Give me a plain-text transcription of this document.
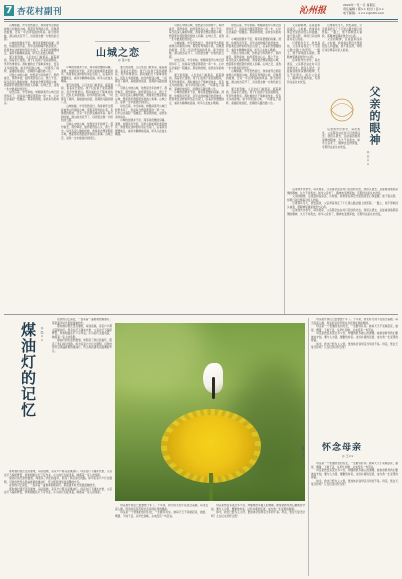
7 杏花村副刊	沁州报
2024年一月一日 星期五
责任编辑 / 郭×× 校对 / 张××
电子邮箱：××××@163.com
山城之恋
◎ 苗×农

山城如画，岁月悠然而过，我常常怀念那座被青山环抱的小城。那里有弯弯的小巷，有熟悉的街道，还有一年四季变换的风景。春天的时候，满山的杏花开了，远远望去像一片粉色的云霞。

小城的街道并不宽，两旁是低矮的房屋。清晨，炊烟袅袅升起，卖早点的吆喝声此起彼伏。我喜欢在这样的时刻走出家门，沿着河边慢慢地走，看河水静静地流淌，听鸟儿在枝头歌唱。

夏天的夜晚，人们坐在门前乘凉，摇着蒲扇，说着家长里短。孩子们在巷子里追逐嬉戏，笑声传得很远。那时候的日子简单而快乐，没有太多的烦恼。如今再回到山城，一切都变了模样，高楼拔地而起，宽阔的马路四通八达。

可我心中的山城，依然是当年的样子。那份眷恋，那份牵挂，始终萦绕在心头，挥之不去。每当夜深人静的时候，我常常会想起那座小城，想起那些曾经陪伴我的人和事。山城之恋，是我一生中最美好的回忆。

时光荏苒，岁月如梭。转眼间离开山城已经很多年了，但是每当想起那里的一草一木，心中总会涌起一股暖流。那是我的根，是我永远的故乡。

小城的街道并不宽，两旁是低矮的房屋。清晨，炊烟袅袅升起，卖早点的吆喝声此起彼伏。我喜欢在这样的时刻走出家门，沿着河边慢慢地走，看河水静静地流淌，听鸟儿在枝头歌唱。

夏天的夜晚，人们坐在门前乘凉，摇着蒲扇，说着家长里短。孩子们在巷子里追逐嬉戏，笑声传得很远。那时候的日子简单而快乐，没有太多的烦恼。如今再回到山城，一切都变了模样，高楼拔地而起，宽阔的马路四通八达。

山城如画，岁月悠然而过，我常常怀念那座被青山环抱的小城。那里有弯弯的小巷，有熟悉的街道，还有一年四季变换的风景。春天的时候，满山的杏花开了，远远望去像一片粉色的云霞。

可我心中的山城，依然是当年的样子。那份眷恋，那份牵挂，始终萦绕在心头，挥之不去。每当夜深人静的时候，我常常会想起那座小城，想起那些曾经陪伴我的人和事。山城之恋，是我一生中最美好的回忆。

夏天的夜晚，人们坐在门前乘凉，摇着蒲扇，说着家长里短。孩子们在巷子里追逐嬉戏，笑声传得很远。那时候的日子简单而快乐，没有太多的烦恼。如今再回到山城，一切都变了模样，高楼拔地而起，宽阔的马路四通八达。

可我心中的山城，依然是当年的样子。那份眷恋，那份牵挂，始终萦绕在心头，挥之不去。每当夜深人静的时候，我常常会想起那座小城，想起那些曾经陪伴我的人和事。山城之恋，是我一生中最美好的回忆。

时光荏苒，岁月如梭。转眼间离开山城已经很多年了，但是每当想起那里的一草一木，心中总会涌起一股暖流。那是我的根，是我永远的故乡。

小城的街道并不宽，两旁是低矮的房屋。清晨，炊烟袅袅升起，卖早点的吆喝声此起彼伏。我喜欢在这样的时刻走出家门，沿着河边慢慢地走，看河水静静地流淌，听鸟儿在枝头歌唱。

可我心中的山城，依然是当年的样子。那份眷恋，那份牵挂，始终萦绕在心头，挥之不去。每当夜深人静的时候，我常常会想起那座小城，想起那些曾经陪伴我的人和事。山城之恋，是我一生中最美好的回忆。

山城如画，岁月悠然而过，我常常怀念那座被青山环抱的小城。那里有弯弯的小巷，有熟悉的街道，还有一年四季变换的风景。春天的时候，满山的杏花开了，远远望去像一片粉色的云霞。

时光荏苒，岁月如梭。转眼间离开山城已经很多年了，但是每当想起那里的一草一木，心中总会涌起一股暖流。那是我的根，是我永远的故乡。

夏天的夜晚，人们坐在门前乘凉，摇着蒲扇，说着家长里短。孩子们在巷子里追逐嬉戏，笑声传得很远。那时候的日子简单而快乐，没有太多的烦恼。如今再回到山城，一切都变了模样，高楼拔地而起，宽阔的马路四通八达。

小城的街道并不宽，两旁是低矮的房屋。清晨，炊烟袅袅升起，卖早点的吆喝声此起彼伏。我喜欢在这样的时刻走出家门，沿着河边慢慢地走，看河水静静地流淌，听鸟儿在枝头歌唱。

时光荏苒，岁月如梭。转眼间离开山城已经很多年了，但是每当想起那里的一草一木，心中总会涌起一股暖流。那是我的根，是我永远的故乡。

小城的街道并不宽，两旁是低矮的房屋。清晨，炊烟袅袅升起，卖早点的吆喝声此起彼伏。我喜欢在这样的时刻走出家门，沿着河边慢慢地走，看河水静静地流淌，听鸟儿在枝头歌唱。

可我心中的山城，依然是当年的样子。那份眷恋，那份牵挂，始终萦绕在心头，挥之不去。每当夜深人静的时候，我常常会想起那座小城，想起那些曾经陪伴我的人和事。山城之恋，是我一生中最美好的回忆。

山城如画，岁月悠然而过，我常常怀念那座被青山环抱的小城。那里有弯弯的小巷，有熟悉的街道，还有一年四季变换的风景。春天的时候，满山的杏花开了，远远望去像一片粉色的云霞。

夏天的夜晚，人们坐在门前乘凉，摇着蒲扇，说着家长里短。孩子们在巷子里追逐嬉戏，笑声传得很远。那时候的日子简单而快乐，没有太多的烦恼。如今再回到山城，一切都变了模样，高楼拔地而起，宽阔的马路四通八达。

父亲的眼神，总是温和而深沉。小时候，我常常在那目光里感到安心和温暖。他不善言辞，却用行动诠释着对家人的爱。

记得那年冬天，我发高烧，父亲背着我走了十几里山路去镇上的医院。一路上，他不停地回头看我，那眼神里满是焦急与心疼。

后来我外出求学，每次离家，父亲都会站在村口目送我远去。我回头望去，总能看到他那深情的眼神，久久不肯离去。如今父亲老了，眼神也变得浑浊，可那份关爱从未改变。

记得那年冬天，我发高烧，父亲背着我走了十几里山路去镇上的医院。一路上，他不停地回头看我，那眼神里满是焦急与心疼。

父亲的眼神，总是温和而深沉。小时候，我常常在那目光里感到安心和温暖。他不善言辞，却用行动诠释着对家人的爱。

父亲的眼神
◎ 王××

后来我外出求学，每次离家，父亲都会站在村口目送我远去。我回头望去，总能看到他那深情的眼神，久久不肯离去。如今父亲老了，眼神也变得浑浊，可那份关爱从未改变。

后来我外出求学，每次离家，父亲都会站在村口目送我远去。我回头望去，总能看到他那深情的眼神，久久不肯离去。如今父亲老了，眼神也变得浑浊，可那份关爱从未改变。

父亲的眼神，总是温和而深沉。小时候，我常常在那目光里感到安心和温暖。他不善言辞，却用行动诠释着对家人的爱。

记得那年冬天，我发高烧，父亲背着我走了十几里山路去镇上的医院。一路上，他不停地回头看我，那眼神里满是焦急与心疼。

后来我外出求学，每次离家，父亲都会站在村口目送我远去。我回头望去，总能看到他那深情的眼神，久久不肯离去。如今父亲老了，眼神也变得浑浊，可那份关爱从未改变。

煤油灯的记忆	◎ 张××

在我的记忆深处，一直亮着一盏昏黄的煤油灯。那是童年时光里最温暖的光。

那时候村里还没有通电，每到夜晚，家家户户都点起煤油灯。母亲在灯下缝补衣裳，父亲在灯下编织箩筐，我和姐姐在灯下写作业。小小的灯火摇曳着，映照着一家人的身影。

煤油灯的光虽然微弱，却照亮了我们的童年，照亮了我们前行的路。如今家家户户灯火通明，可我依然怀念那盏昏黄的煤油灯，怀念那段清贫而温馨的岁月。

那时候村里还没有通电，每到夜晚，家家户户都点起煤油灯。母亲在灯下缝补衣裳，父亲在灯下编织箩筐，我和姐姐在灯下写作业。小小的灯火摇曳着，映照着一家人的身影。

煤油灯的光虽然微弱，却照亮了我们的童年，照亮了我们前行的路。如今家家户户灯火通明，可我依然怀念那盏昏黄的煤油灯，怀念那段清贫而温馨的岁月。

在我的记忆深处，一直亮着一盏昏黄的煤油灯。那是童年时光里最温暖的光。

那时候村里还没有通电，每到夜晚，家家户户都点起煤油灯。母亲在灯下缝补衣裳，父亲在灯下编织箩筐，我和姐姐在灯下写作业。小小的灯火摇曳着，映照着一家人的身影。

摄影 / 郭×× 怀念母亲
◎ 王××

母亲离开我们已经整整十年了。十年来，我无时无刻不在思念着她。每当夜深人静，母亲的音容笑貌总会浮现在我的眼前。

母亲是一个普通的农村妇女，一生勤劳朴实。她每天天不亮就起床，做饭、喂猪、下地干活，从早忙到晚，从来没有一句怨言。

母亲虽然没有读过多少书，却懂得很多做人的道理。她常常教导我们要诚实守信，要与人为善，要勤俭持家。这些朴素的话语，成为我一生受用的财富。

如今，我也已经为人父母，更加体会到母亲当年的不易。母亲，您在天堂还好吗？儿女们永远怀念您！

母亲离开我们已经整整十年了。十年来，我无时无刻不在思念着她。每当夜深人静，母亲的音容笑貌总会浮现在我的眼前。

母亲是一个普通的农村妇女，一生勤劳朴实。她每天天不亮就起床，做饭、喂猪、下地干活，从早忙到晚，从来没有一句怨言。

母亲虽然没有读过多少书，却懂得很多做人的道理。她常常教导我们要诚实守信，要与人为善，要勤俭持家。这些朴素的话语，成为我一生受用的财富。

如今，我也已经为人父母，更加体会到母亲当年的不易。母亲，您在天堂还好吗？儿女们永远怀念您！

母亲是一个普通的农村妇女，一生勤劳朴实。她每天天不亮就起床，做饭、喂猪、下地干活，从早忙到晚，从来没有一句怨言。

母亲虽然没有读过多少书，却懂得很多做人的道理。她常常教导我们要诚实守信，要与人为善，要勤俭持家。这些朴素的话语，成为我一生受用的财富。

如今，我也已经为人父母，更加体会到母亲当年的不易。母亲，您在天堂还好吗？儿女们永远怀念您！
